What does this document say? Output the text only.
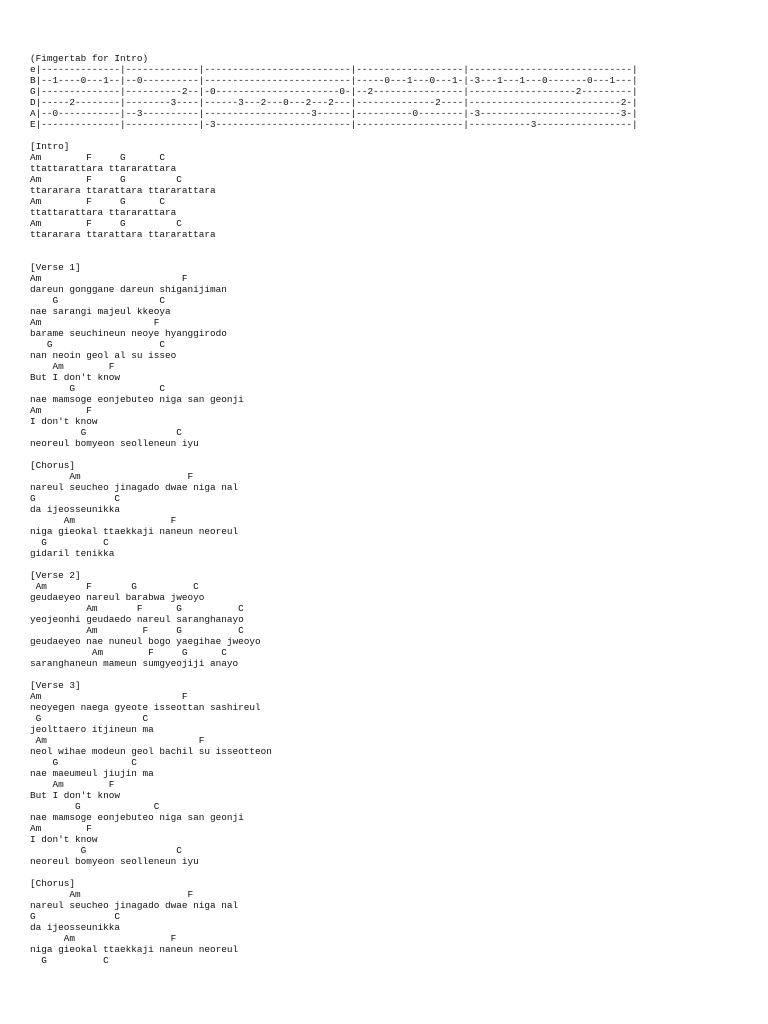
(Fimgertab for Intro)
e|--------------|-------------|--------------------------|-------------------|-----------------------------|
B|--1----0---1--|--0----------|--------------------------|-----0---1---0---1-|-3---1---1---0-------0---1---|
G|--------------|----------2--|-0----------------------0-|--2----------------|-------------------2---------|
D|-----2--------|--------3----|------3---2---0---2---2---|--------------2----|---------------------------2-|
A|--0-----------|--3----------|-------------------3------|----------0--------|-3-------------------------3-|
E|--------------|-------------|-3------------------------|-------------------|-----------3-----------------|
[Intro]
Am        F     G      C
ttattarattara ttararattara
Am        F     G         C
ttararara ttarattara ttararattara
Am        F     G      C
ttattarattara ttararattara
Am        F     G         C
ttararara ttarattara ttararattara
[Verse 1]
Am                         F
dareun gonggane dareun shiganijiman
G                  C
nae sarangi majeul kkeoya
Am                    F
barame seuchineun neoye hyanggirodo
G                   C
nan neoin geol al su isseo
Am        F
But I don't know
G               C
nae mamsoge eonjebuteo niga san geonji
Am        F
I don't know
G                C
neoreul bomyeon seolleneun iyu
[Chorus]
Am                   F
nareul seucheo jinagado dwae niga nal
G              C
da ijeosseunikka
Am                 F
niga gieokal ttaekkaji naneun neoreul
G          C
gidaril tenikka
[Verse 2]
Am       F       G          C
geudaeyeo nareul barabwa jweoyo
Am       F      G          C
yeojeonhi geudaedo nareul saranghanayo
Am        F     G          C
geudaeyeo nae nuneul bogo yaegihae jweoyo
Am        F     G      C
saranghaneun mameun sumgyeojiji anayo
[Verse 3]
Am                         F
neoyegen naega gyeote isseottan sashireul
G                  C
jeolttaero itjineun ma
Am                           F
neol wihae modeun geol bachil su isseotteon
G             C
nae maeumeul jiujin ma
Am        F
But I don't know
G             C
nae mamsoge eonjebuteo niga san geonji
Am        F
I don't know
G                C
neoreul bomyeon seolleneun iyu
[Chorus]
Am                   F
nareul seucheo jinagado dwae niga nal
G              C
da ijeosseunikka
Am                 F
niga gieokal ttaekkaji naneun neoreul
G          C
